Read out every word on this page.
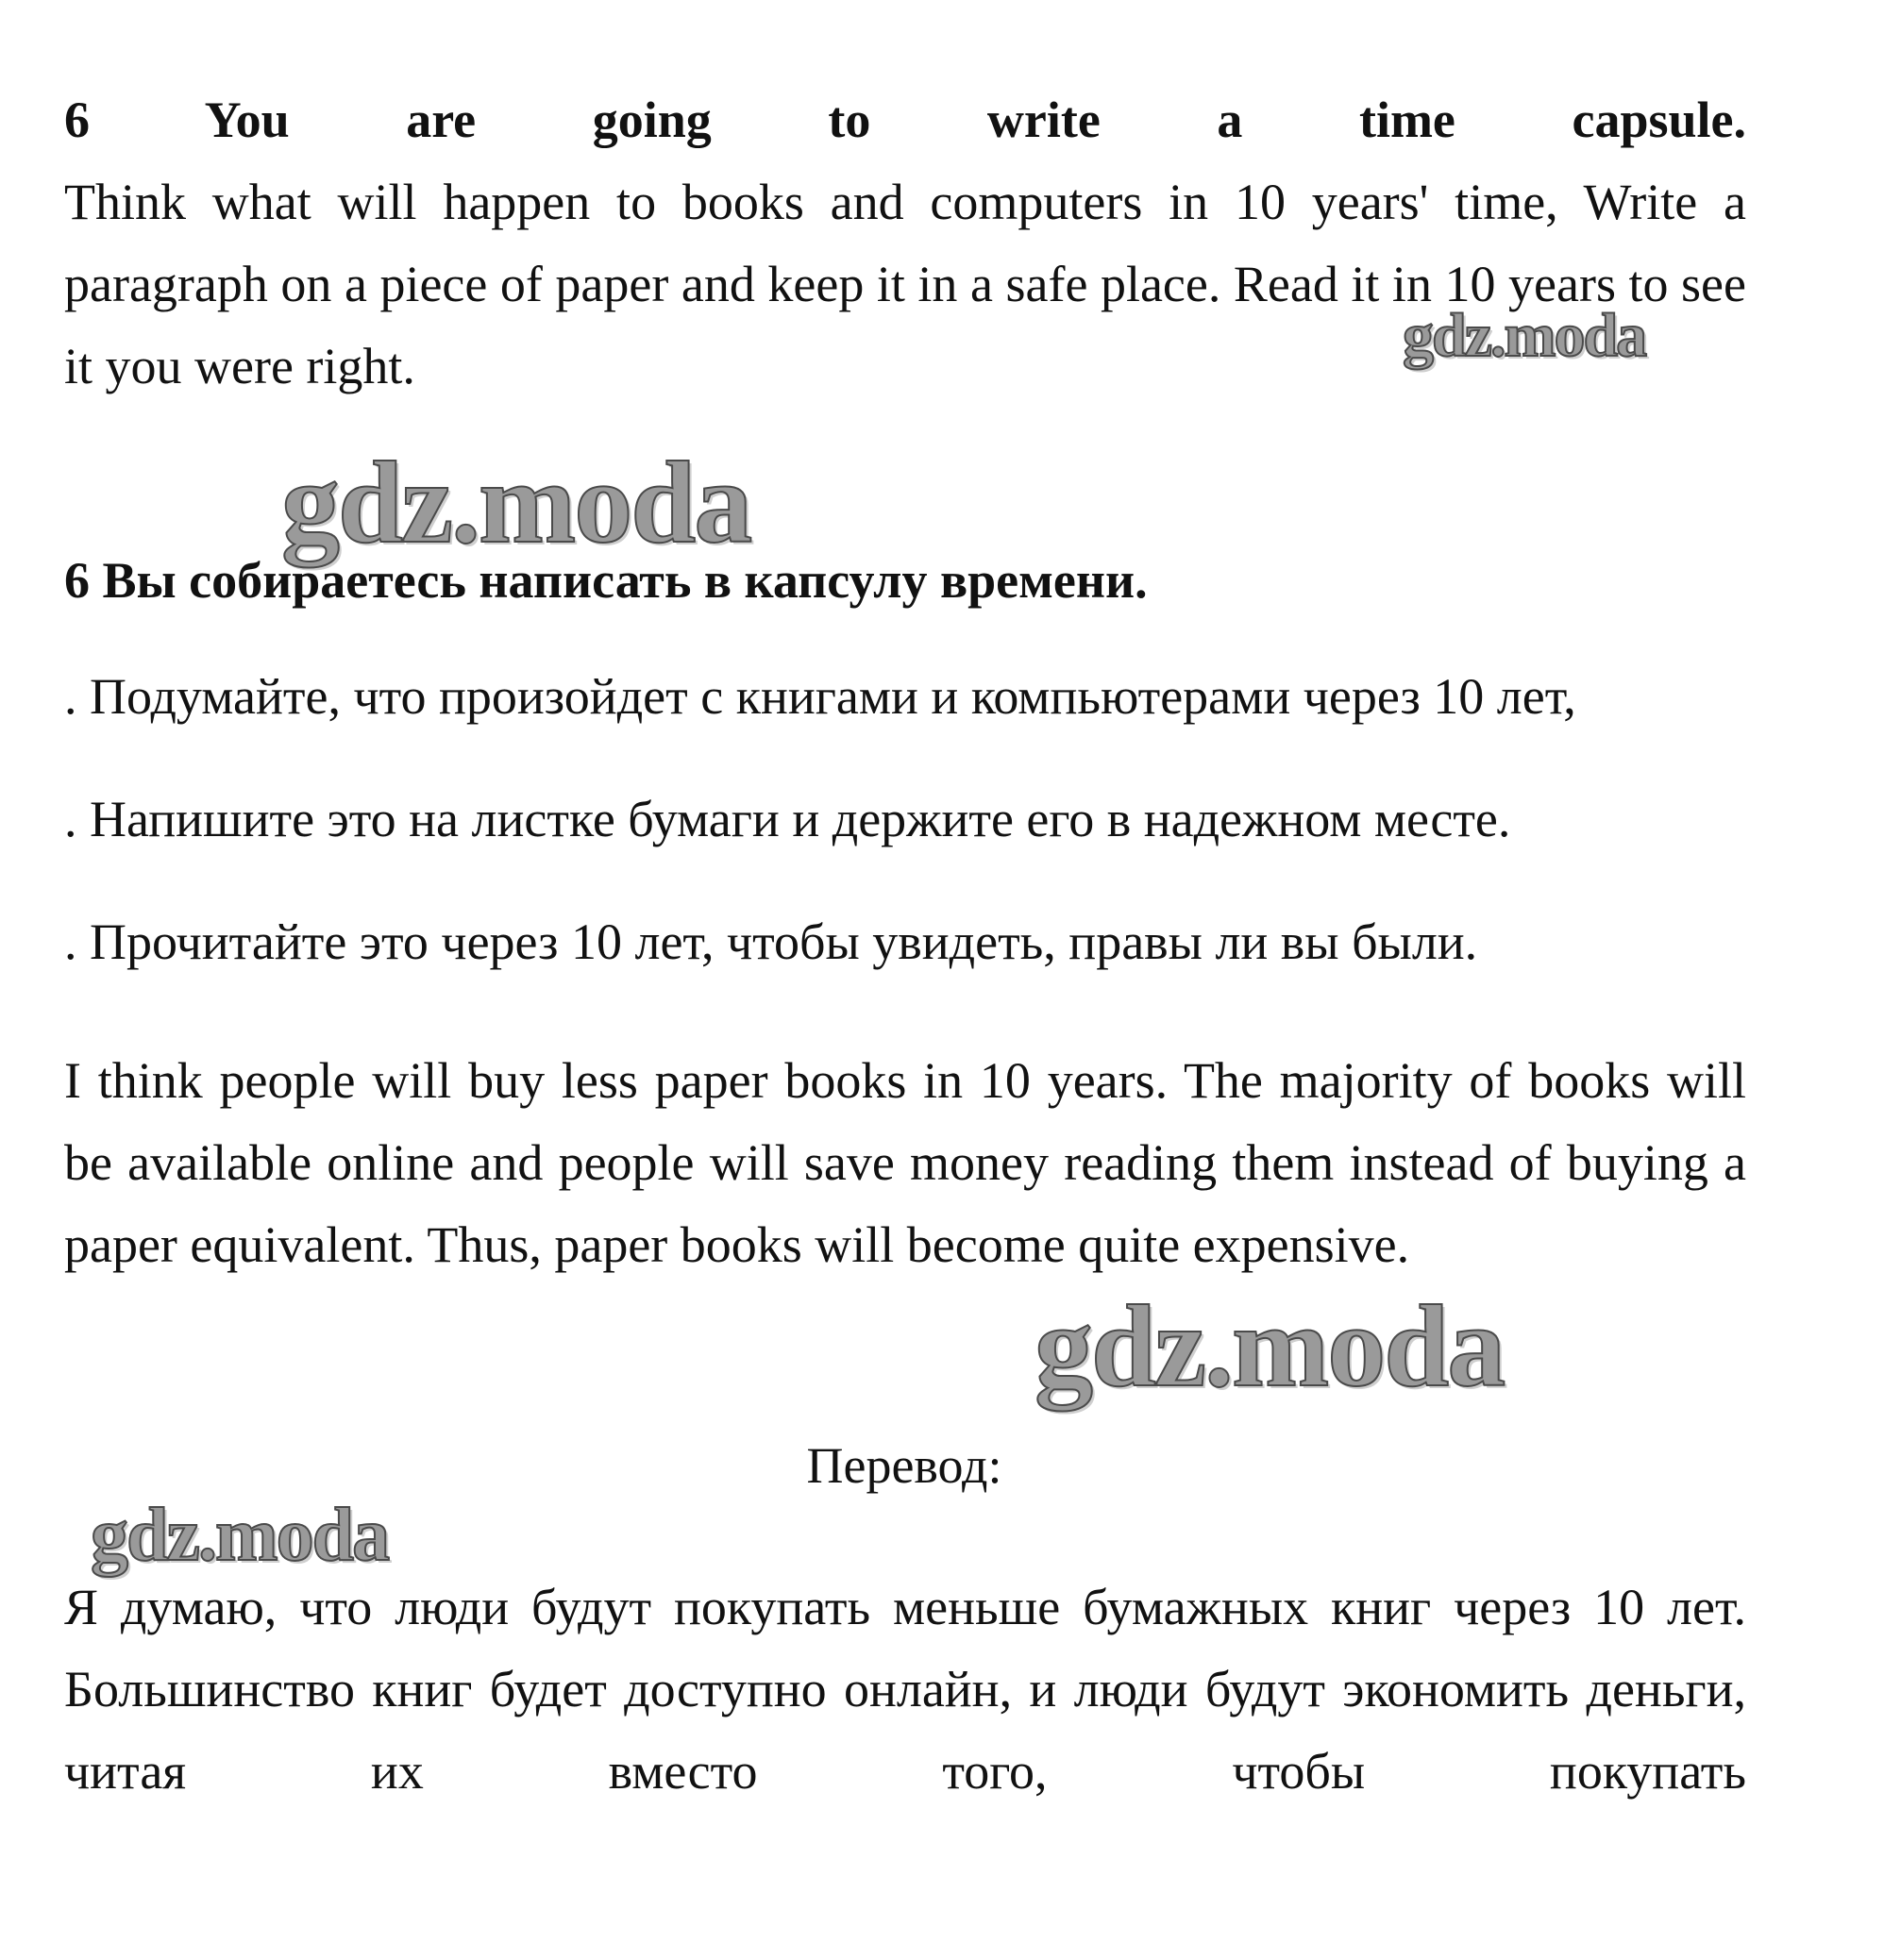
6 You are going to write a time capsule.
Think what will happen to books and computers in 10 years' time, Write a paragraph on a piece of paper and keep it in a safe place. Read it in 10 years to see it you were right.	gdz.moda
gdz.moda
6 Вы собираетесь написать в капсулу времени.
. Подумайте, что произойдет с книгами и компьютерами через 10 лет,
. Напишите это на листке бумаги и держите его в надежном месте.
. Прочитайте это через 10 лет, чтобы увидеть, правы ли вы были.
I think people will buy less paper books in 10 years. The majority of books will be available online and people will save money reading them instead of buying a paper equivalent. Thus, paper books will become quite expensive.
gdz.moda
Перевод:
gdz.moda
Я думаю, что люди будут покупать меньше бумажных книг через 10 лет. Большинство книг будет доступно онлайн, и люди будут экономить деньги, читая их вместо того, чтобы покупать
